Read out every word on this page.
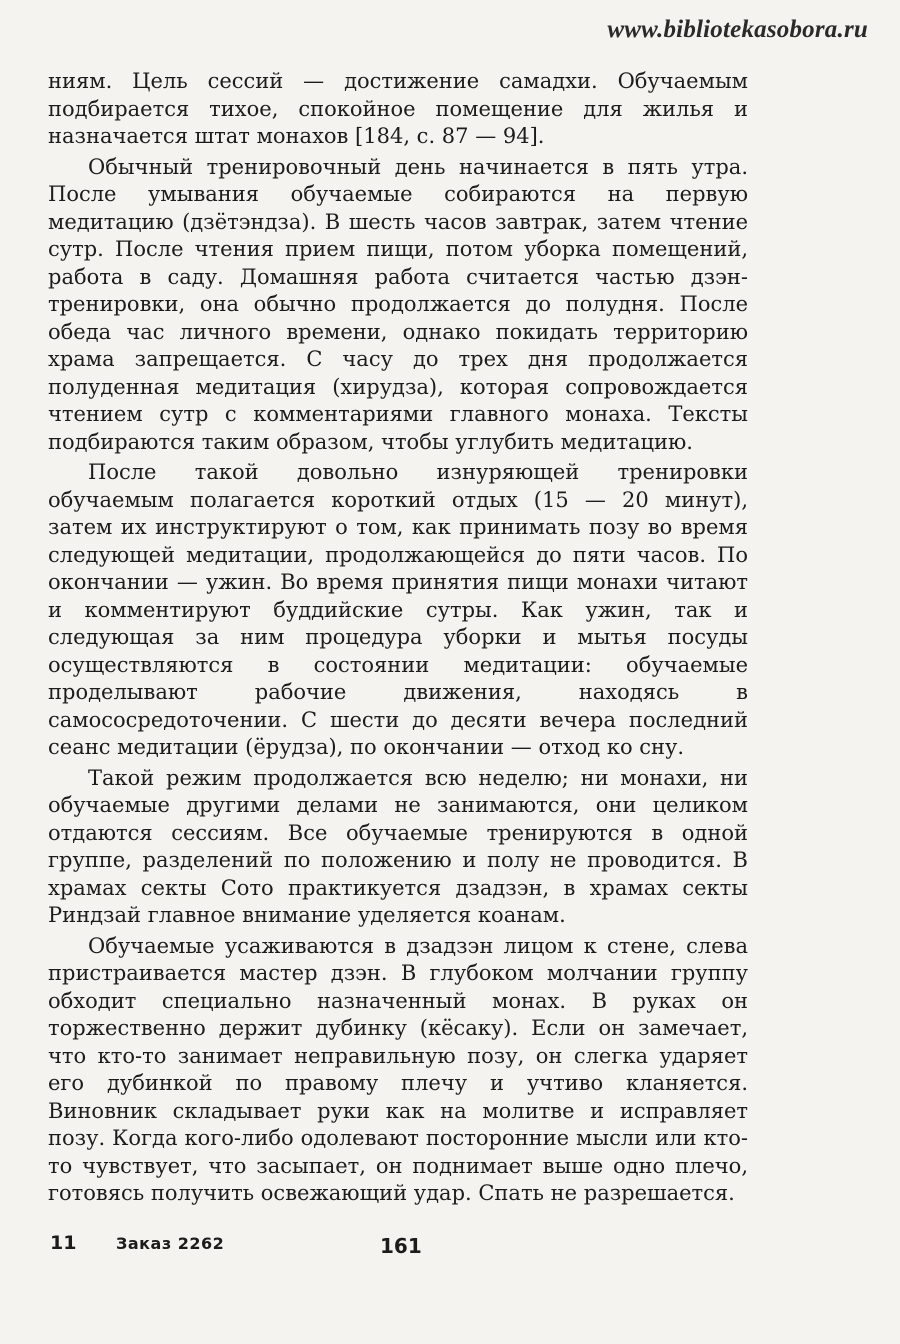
www.bibliotekasobora.ru

ниям. Цель сессий — достижение самадхи. Обучаемым подбирается тихое, спокойное помещение для жилья и назначается штат монахов [184, с. 87 — 94].

Обычный тренировочный день начинается в пять утра. После умывания обучаемые собираются на первую медитацию (дзётэндза). В шесть часов завтрак, затем чтение сутр. После чтения прием пищи, потом уборка помещений, работа в саду. Домашняя работа считается частью дзэн-тренировки, она обычно продолжается до полудня. После обеда час личного времени, однако покидать территорию храма запрещается. С часу до трех дня продолжается полуденная медитация (хирудза), которая сопровождается чтением сутр с комментариями главного монаха. Тексты подбираются таким образом, чтобы углубить медитацию.

После такой довольно изнуряющей тренировки обучаемым полагается короткий отдых (15 — 20 минут), затем их инструктируют о том, как принимать позу во время следующей медитации, продолжающейся до пяти часов. По окончании — ужин. Во время принятия пищи монахи читают и комментируют буддийские сутры. Как ужин, так и следующая за ним процедура уборки и мытья посуды осуществляются в состоянии медитации: обучаемые проделывают рабочие движения, находясь в самососредоточении. С шести до десяти вечера последний сеанс медитации (ёрудза), по окончании — отход ко сну.

Такой режим продолжается всю неделю; ни монахи, ни обучаемые другими делами не занимаются, они целиком отдаются сессиям. Все обучаемые тренируются в одной группе, разделений по положению и полу не проводится. В храмах секты Сото практикуется дзадзэн, в храмах секты Риндзай главное внимание уделяется коанам.

Обучаемые усаживаются в дзадзэн лицом к стене, слева пристраивается мастер дзэн. В глубоком молчании группу обходит специально назначенный монах. В руках он торжественно держит дубинку (кёсаку). Если он замечает, что кто-то занимает неправильную позу, он слегка ударяет его дубинкой по правому плечу и учтиво кланяется. Виновник складывает руки как на молитве и исправляет позу. Когда кого-либо одолевают посторонние мысли или кто-то чувствует, что засыпает, он поднимает выше одно плечо, готовясь получить освежающий удар. Спать не разрешается.

11 Заказ 2262	161
